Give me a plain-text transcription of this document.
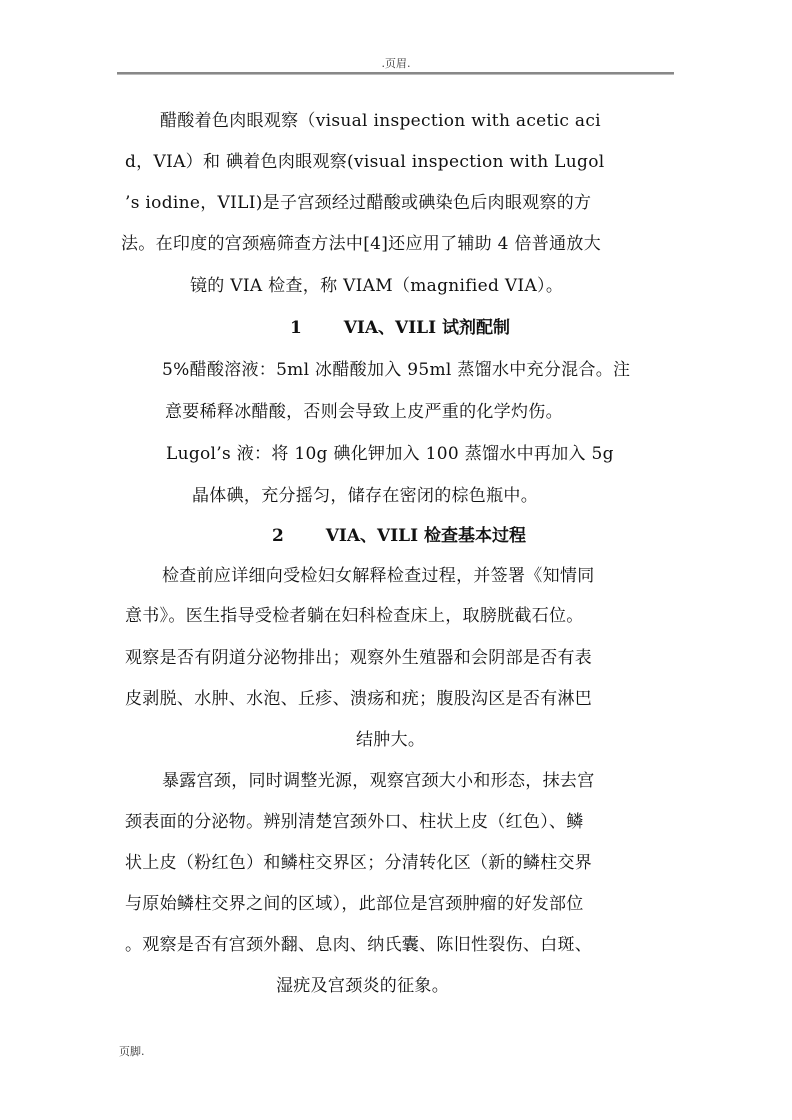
.页眉.
醋酸着色肉眼观察（visual inspection with acetic aci
d，VIA）和 碘着色肉眼观察(visual inspection with Lugol
’s iodine，VILI)是子宫颈经过醋酸或碘染色后肉眼观察的方
法。在印度的宫颈癌筛查方法中[4]还应用了辅助 4 倍普通放大
镜的 VIA 检查，称 VIAM（magnified VIA）。
1 VIA、VILI 试剂配制
5%醋酸溶液：5ml 冰醋酸加入 95ml 蒸馏水中充分混合。注
意要稀释冰醋酸，否则会导致上皮严重的化学灼伤。
Lugol’s 液：将 10g 碘化钾加入 100 蒸馏水中再加入 5g
晶体碘，充分摇匀，储存在密闭的棕色瓶中。
2 VIA、VILI 检查基本过程
检查前应详细向受检妇女解释检查过程，并签署《知情同
意书》。医生指导受检者躺在妇科检查床上，取膀胱截石位。
观察是否有阴道分泌物排出；观察外生殖器和会阴部是否有表
皮剥脱、水肿、水泡、丘疹、溃疡和疣；腹股沟区是否有淋巴
结肿大。
暴露宫颈，同时调整光源，观察宫颈大小和形态，抹去宫
颈表面的分泌物。辨别清楚宫颈外口、柱状上皮（红色）、鳞
状上皮（粉红色）和鳞柱交界区；分清转化区（新的鳞柱交界
与原始鳞柱交界之间的区域），此部位是宫颈肿瘤的好发部位
。观察是否有宫颈外翻、息肉、纳氏囊、陈旧性裂伤、白斑、
湿疣及宫颈炎的征象。
页脚.
